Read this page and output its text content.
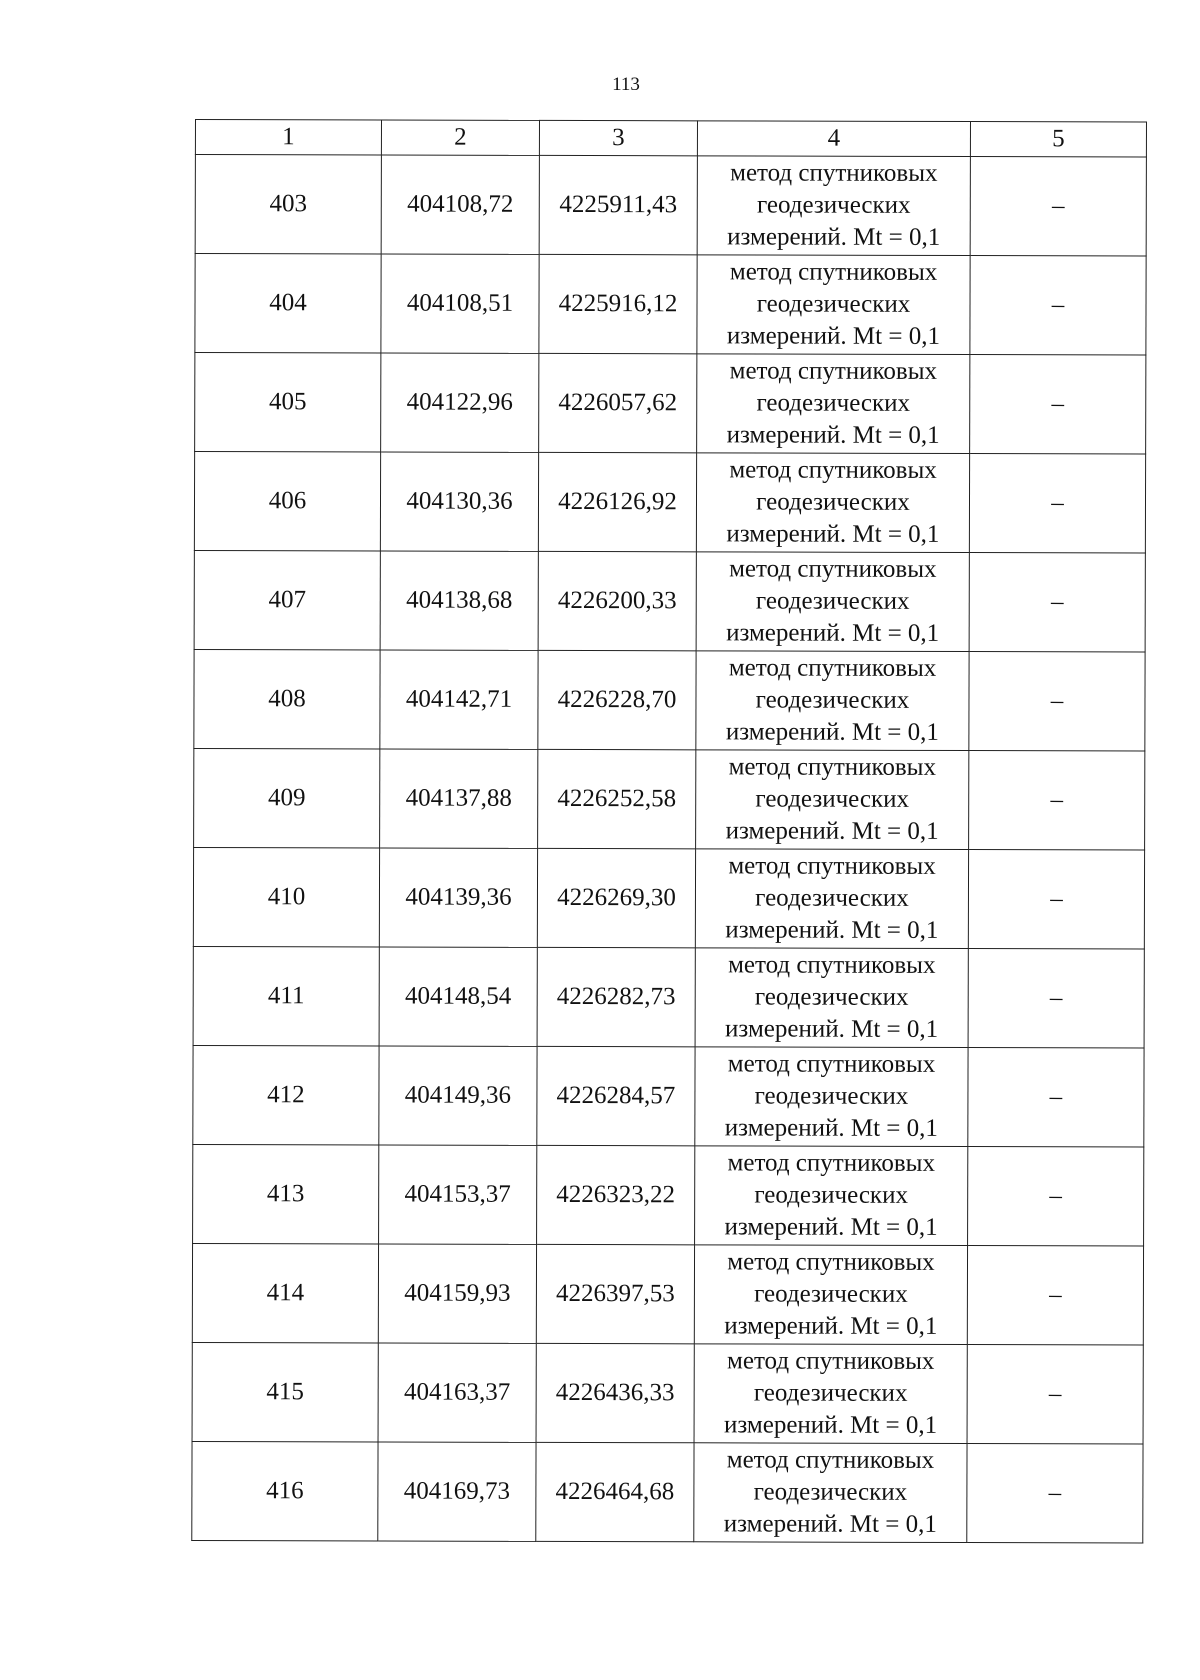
113
1	2	3	4	5
403	404108,72	4225911,43	метод спутниковых
геодезических
измерений. Mt = 0,1	–
404	404108,51	4225916,12	метод спутниковых
геодезических
измерений. Mt = 0,1	–
405	404122,96	4226057,62	метод спутниковых
геодезических
измерений. Mt = 0,1	–
406	404130,36	4226126,92	метод спутниковых
геодезических
измерений. Mt = 0,1	–
407	404138,68	4226200,33	метод спутниковых
геодезических
измерений. Mt = 0,1	–
408	404142,71	4226228,70	метод спутниковых
геодезических
измерений. Mt = 0,1	–
409	404137,88	4226252,58	метод спутниковых
геодезических
измерений. Mt = 0,1	–
410	404139,36	4226269,30	метод спутниковых
геодезических
измерений. Mt = 0,1	–
411	404148,54	4226282,73	метод спутниковых
геодезических
измерений. Mt = 0,1	–
412	404149,36	4226284,57	метод спутниковых
геодезических
измерений. Mt = 0,1	–
413	404153,37	4226323,22	метод спутниковых
геодезических
измерений. Mt = 0,1	–
414	404159,93	4226397,53	метод спутниковых
геодезических
измерений. Mt = 0,1	–
415	404163,37	4226436,33	метод спутниковых
геодезических
измерений. Mt = 0,1	–
416	404169,73	4226464,68	метод спутниковых
геодезических
измерений. Mt = 0,1	–
